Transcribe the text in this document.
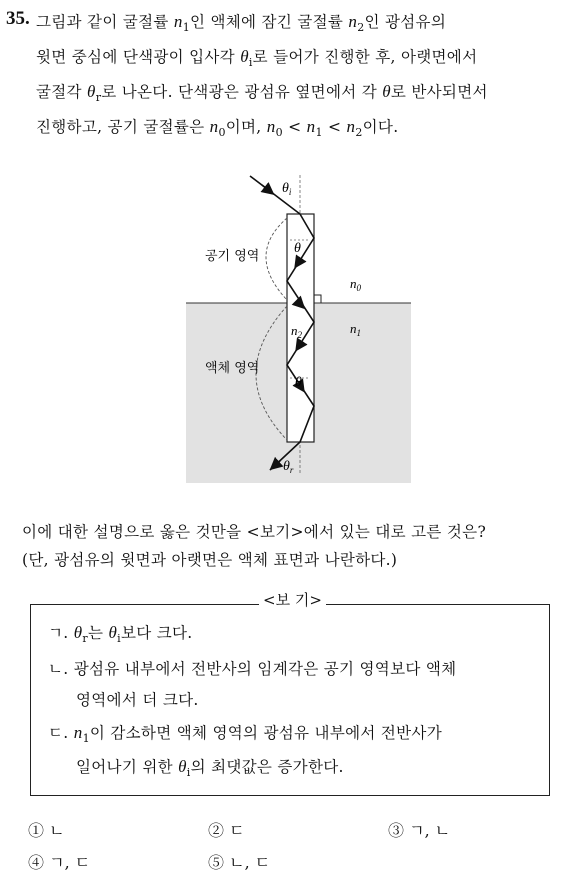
35. 그림과 같이 굴절률 $n_1$인 액체에 잠긴 굴절률 $n_2$인 광섬유의
윗면 중심에 단색광이 입사각 $\theta_i$로 들어가 진행한 후, 아랫면에서
굴절각 $\theta_r$로 나온다. 단색광은 광섬유 옆면에서 각 θ로 반사되면서
진행하고, 공기 굴절률은 $n_0$이며, $n_0 < n_1 < n_2$이다.
$\theta_i$
θ
θ
$\theta_r$
$n_2$
$n_0$
$n_1$
공기 영역
액체 영역
이에 대한 설명으로 옳은 것만을 <보기>에서 있는 대로 고른 것은?
(단, 광섬유의 윗면과 아랫면은 액체 표면과 나란하다.)
<보 기>
ㄱ. $\theta_r$는 $\theta_i$보다 크다.
ㄴ. 광섬유 내부에서 전반사의 임계각은 공기 영역보다 액체
영역에서 더 크다.
ㄷ. $n_1$이 감소하면 액체 영역의 광섬유 내부에서 전반사가
일어나기 위한 $\theta_i$의 최댓값은 증가한다.
① ㄴ	② ㄷ	③ ㄱ, ㄴ
④ ㄱ, ㄷ	⑤ ㄴ, ㄷ
